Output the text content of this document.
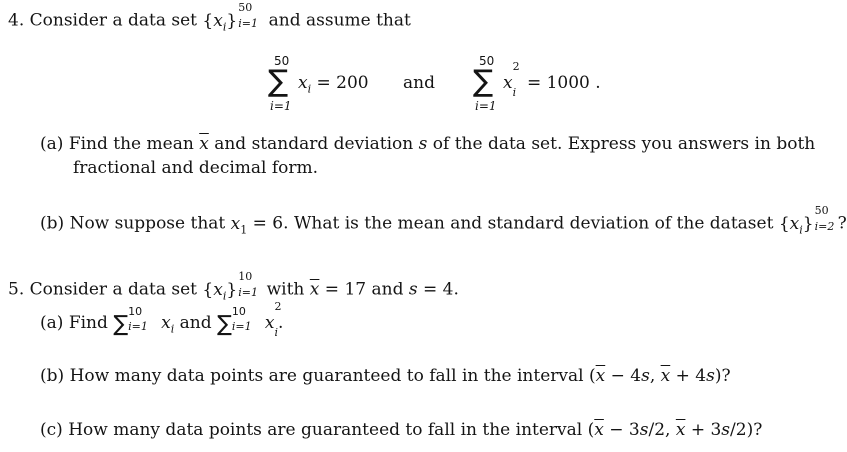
4. Consider a data set $\{x_i\}$
50
i=1 and assume that
50
∑
i=1
$x_i = 200$ and
50
∑
i=1
x
2
$_i$ = 1000 .
(a) Find the mean $\overline{x}$ and standard deviation s of the data set. Express you answers in both
fractional and decimal form.
(b) Now suppose that $x_1 = 6$. What is the mean and standard deviation of the dataset $\{x_i\}$
50
i=2 ?
5. Consider a data set $\{x_i\}$
10
i=1 with $\overline{x} = 17$ and s = 4.
(a) Find ∑
10
i=1 $x_i$ and ∑
10
i=1 x
2
$_i$.
(b) How many data points are guaranteed to fall in the interval ($\overline{x} - 4s$, $\overline{x} + 4s$)?
(c) How many data points are guaranteed to fall in the interval ($\overline{x} - 3s/2$, $\overline{x} + 3s/2$)?
